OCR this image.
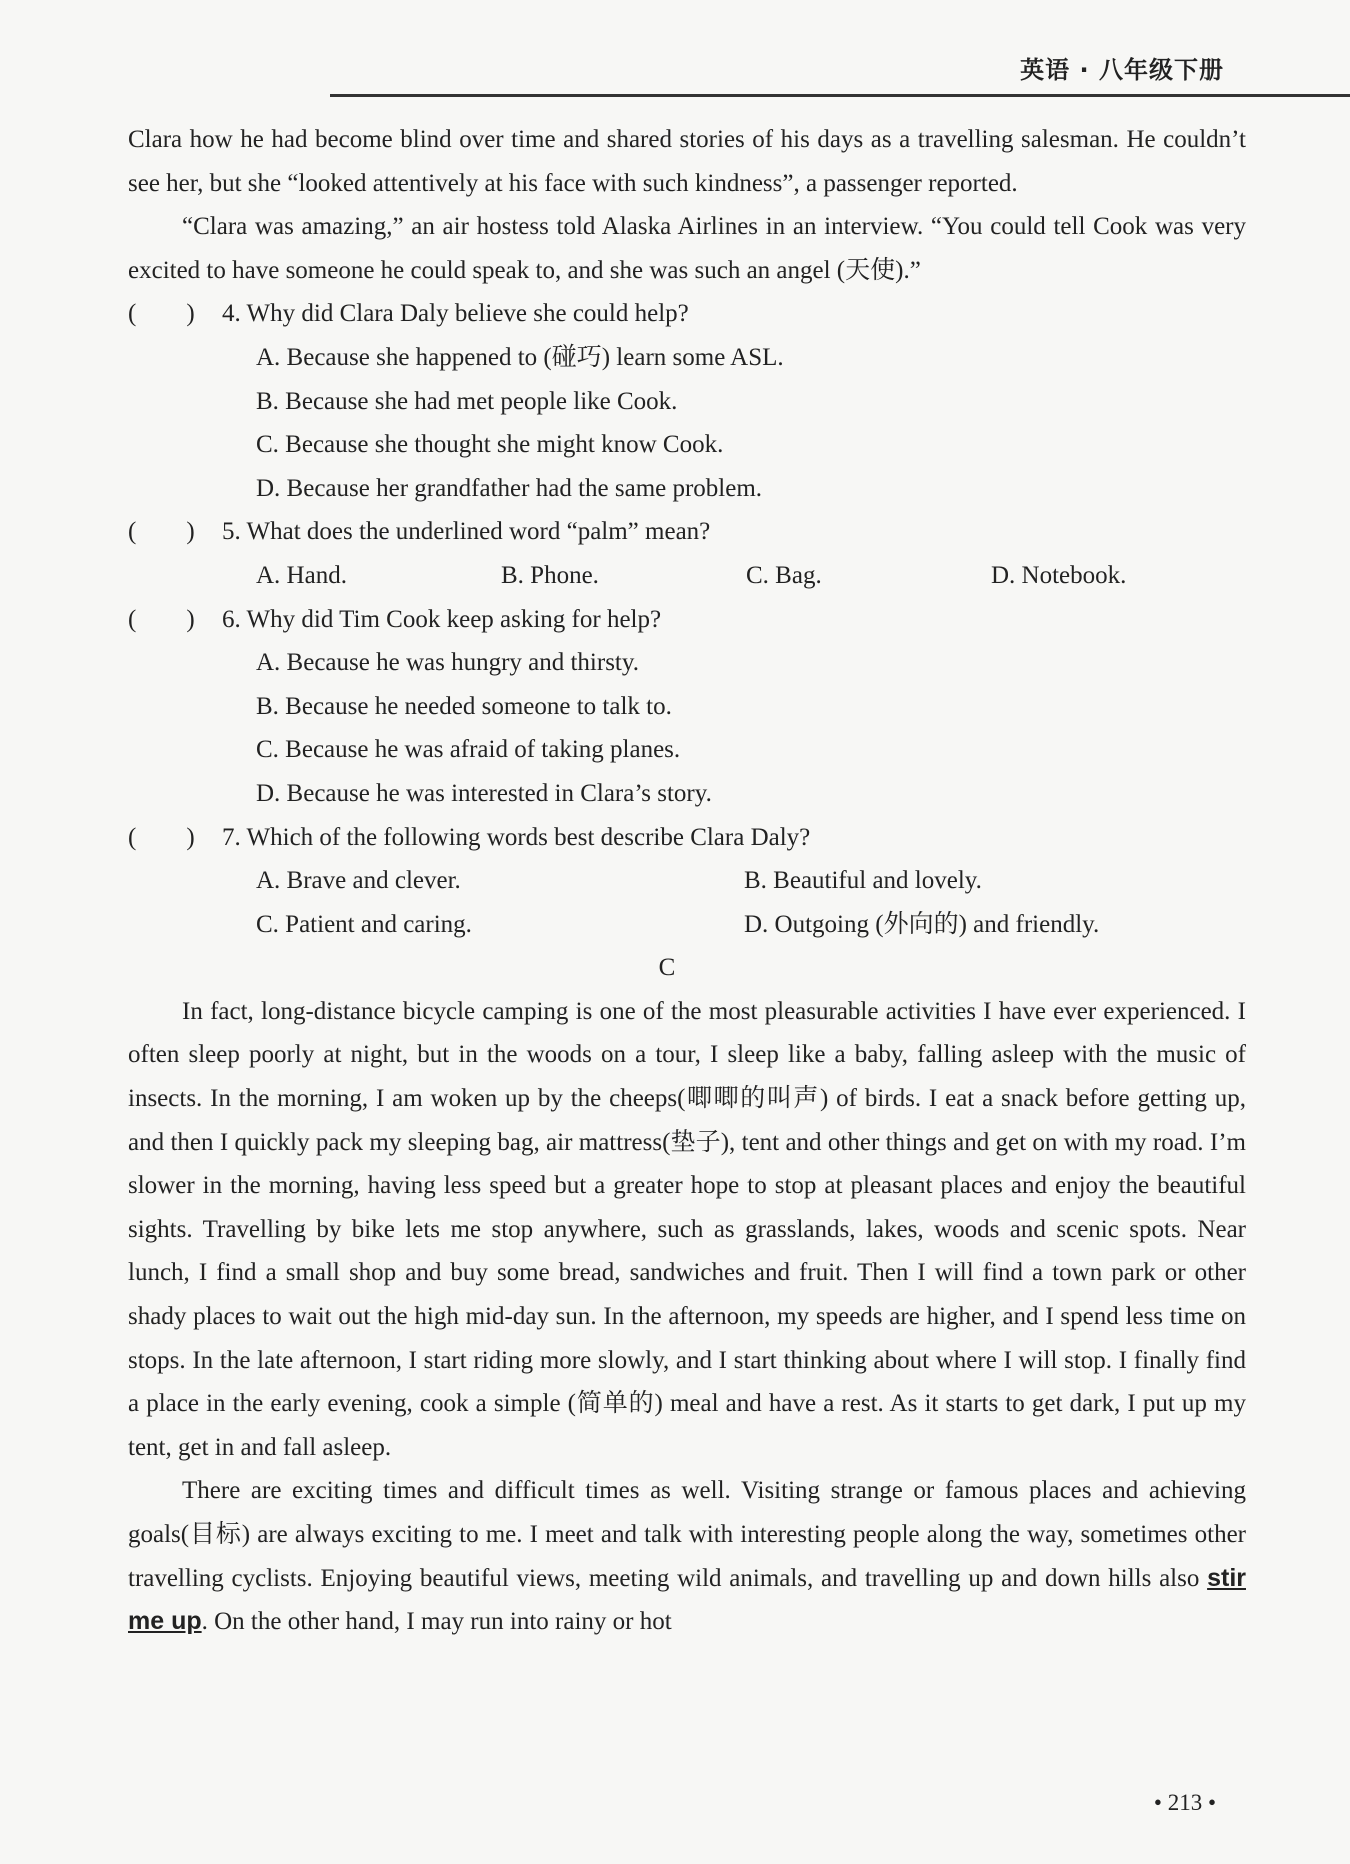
英语 · 八年级下册

Clara how he had become blind over time and shared stories of his days as a travelling salesman. He couldn’t see her, but she “looked attentively at his face with such kindness”, a passenger reported.

“Clara was amazing,” an air hostess told Alaska Airlines in an interview. “You could tell Cook was very excited to have someone he could speak to, and she was such an angel (天使).”

(　　) 4. Why did Clara Daly believe she could help?
A. Because she happened to (碰巧) learn some ASL.
B. Because she had met people like Cook.
C. Because she thought she might know Cook.
D. Because her grandfather had the same problem.
(　　) 5. What does the underlined word “palm” mean?
A. Hand.	B. Phone.	C. Bag.	D. Notebook.
(　　) 6. Why did Tim Cook keep asking for help?
A. Because he was hungry and thirsty.
B. Because he needed someone to talk to.
C. Because he was afraid of taking planes.
D. Because he was interested in Clara’s story.
(　　) 7. Which of the following words best describe Clara Daly?
A. Brave and clever.	B. Beautiful and lovely.
C. Patient and caring.	D. Outgoing (外向的) and friendly.
C

In fact, long-distance bicycle camping is one of the most pleasurable activities I have ever experienced. I often sleep poorly at night, but in the woods on a tour, I sleep like a baby, falling asleep with the music of insects. In the morning, I am woken up by the cheeps(唧唧的叫声) of birds. I eat a snack before getting up, and then I quickly pack my sleeping bag, air mattress(垫子), tent and other things and get on with my road. I’m slower in the morning, having less speed but a greater hope to stop at pleasant places and enjoy the beautiful sights. Travelling by bike lets me stop anywhere, such as grasslands, lakes, woods and scenic spots. Near lunch, I find a small shop and buy some bread, sandwiches and fruit. Then I will find a town park or other shady places to wait out the high mid-day sun. In the afternoon, my speeds are higher, and I spend less time on stops. In the late afternoon, I start riding more slowly, and I start thinking about where I will stop. I finally find a place in the early evening, cook a simple (简单的) meal and have a rest. As it starts to get dark, I put up my tent, get in and fall asleep.

There are exciting times and difficult times as well. Visiting strange or famous places and achieving goals(目标) are always exciting to me. I meet and talk with interesting people along the way, sometimes other travelling cyclists. Enjoying beautiful views, meeting wild animals, and travelling up and down hills also stir me up. On the other hand, I may run into rainy or hot

• 213 •
